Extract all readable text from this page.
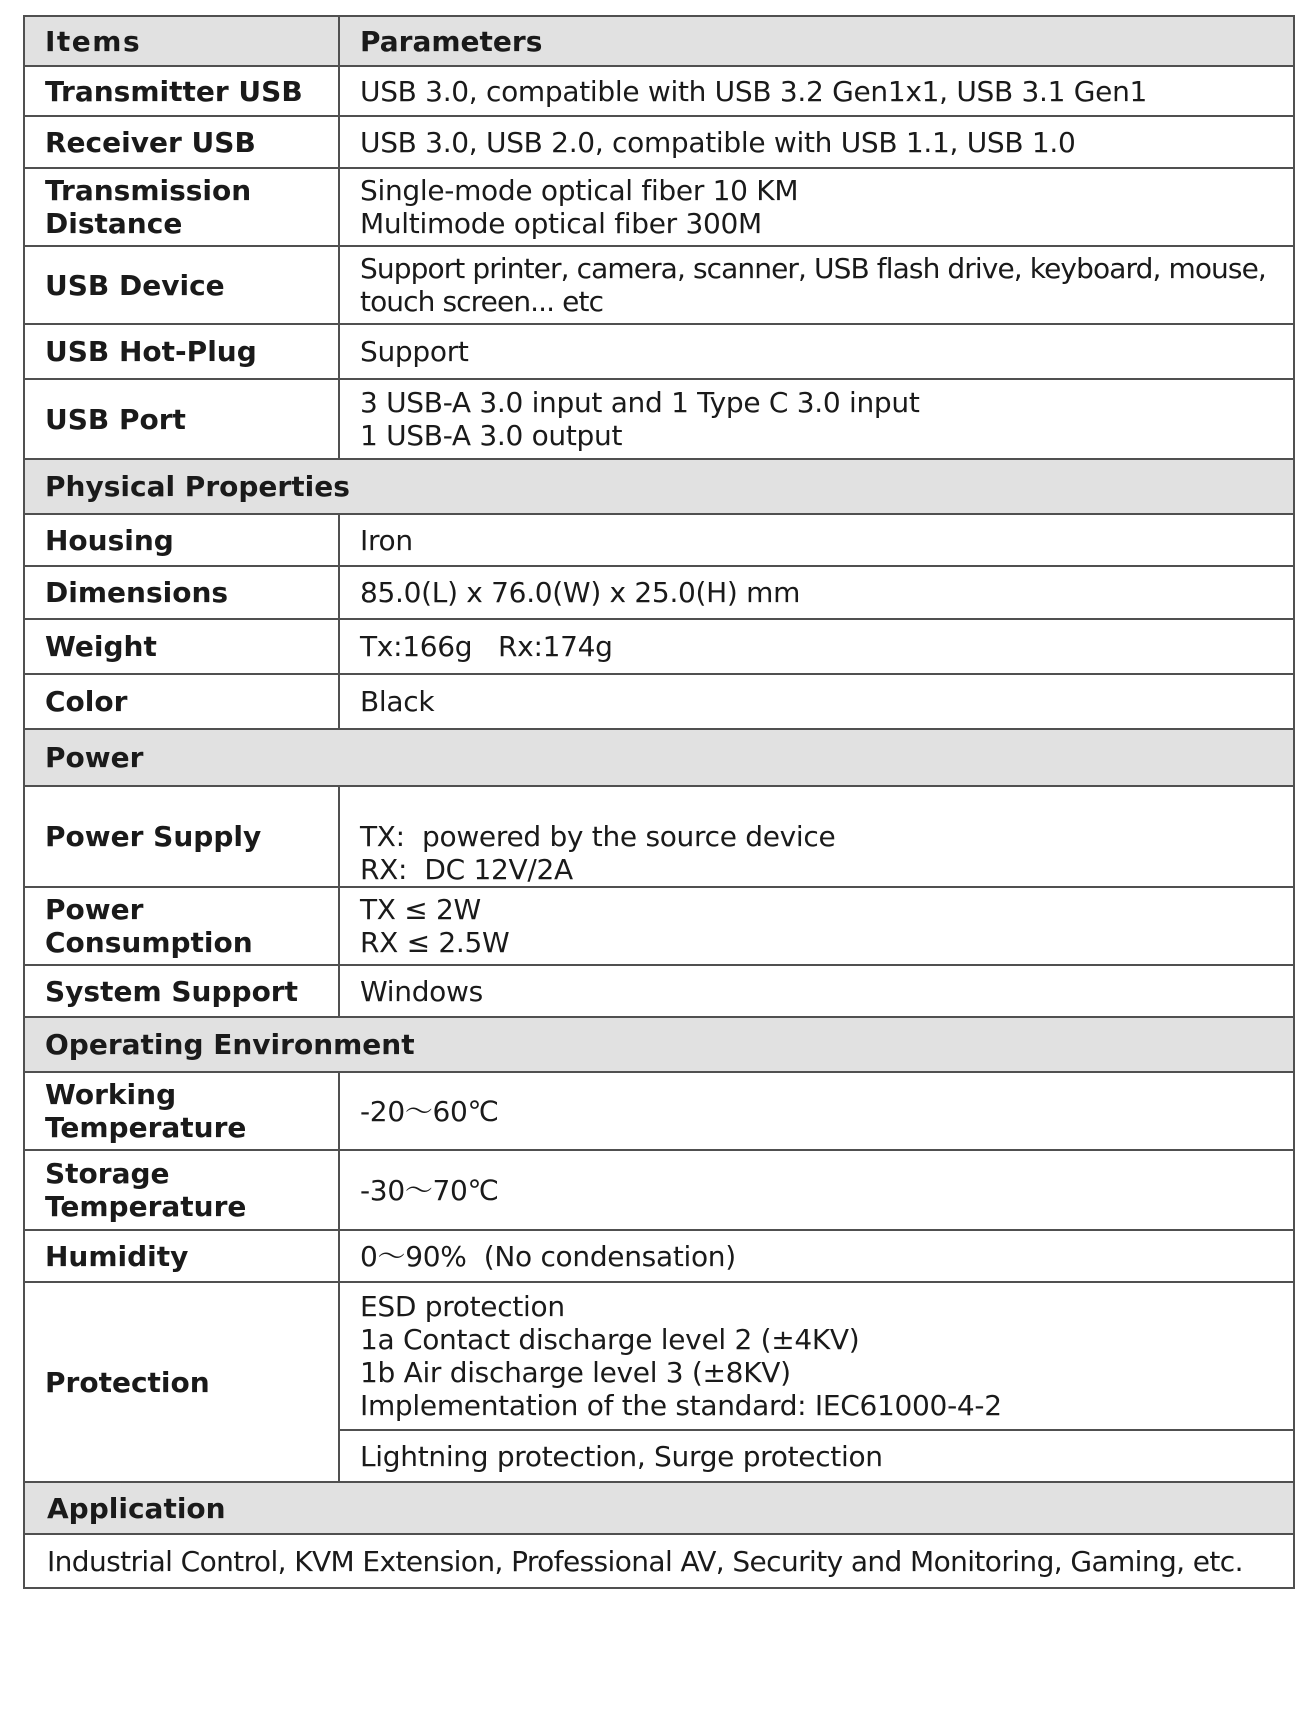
Items	Parameters
Transmitter USB	USB 3.0, compatible with USB 3.2 Gen1x1, USB 3.1 Gen1

Receiver USB	USB 3.0, USB 2.0, compatible with USB 1.1, USB 1.0

Transmission Distance	Single-mode optical fiber 10 KM
Multimode optical fiber 300M

USB Device	Support printer, camera, scanner, USB flash drive, keyboard, mouse,
touch screen... etc

USB Hot-Plug	Support

USB Port	3 USB-A 3.0 input and 1 Type C 3.0 input
1 USB-A 3.0 output

Physical Properties	
Housing	Iron

Dimensions	85.0(L) x 76.0(W) x 25.0(H) mm

Weight	Tx:166g   Rx:174g

Color	Black

Power	
Power Supply	TX:  powered by the source device
RX:  DC 12V/2A

Power Consumption	TX ≤ 2W
RX ≤ 2.5W

System Support	Windows

Operating Environment	
Working Temperature	-20～60℃

Storage Temperature	-30～70℃

Humidity	0～90%  (No condensation)

Protection	ESD protection
1a Contact discharge level 2 (±4KV)
1b Air discharge level 3 (±8KV)
Implementation of the standard: IEC61000-4-2

	Lightning protection, Surge protection

Application	
Industrial Control, KVM Extension, Professional AV, Security and Monitoring, Gaming, etc.	
